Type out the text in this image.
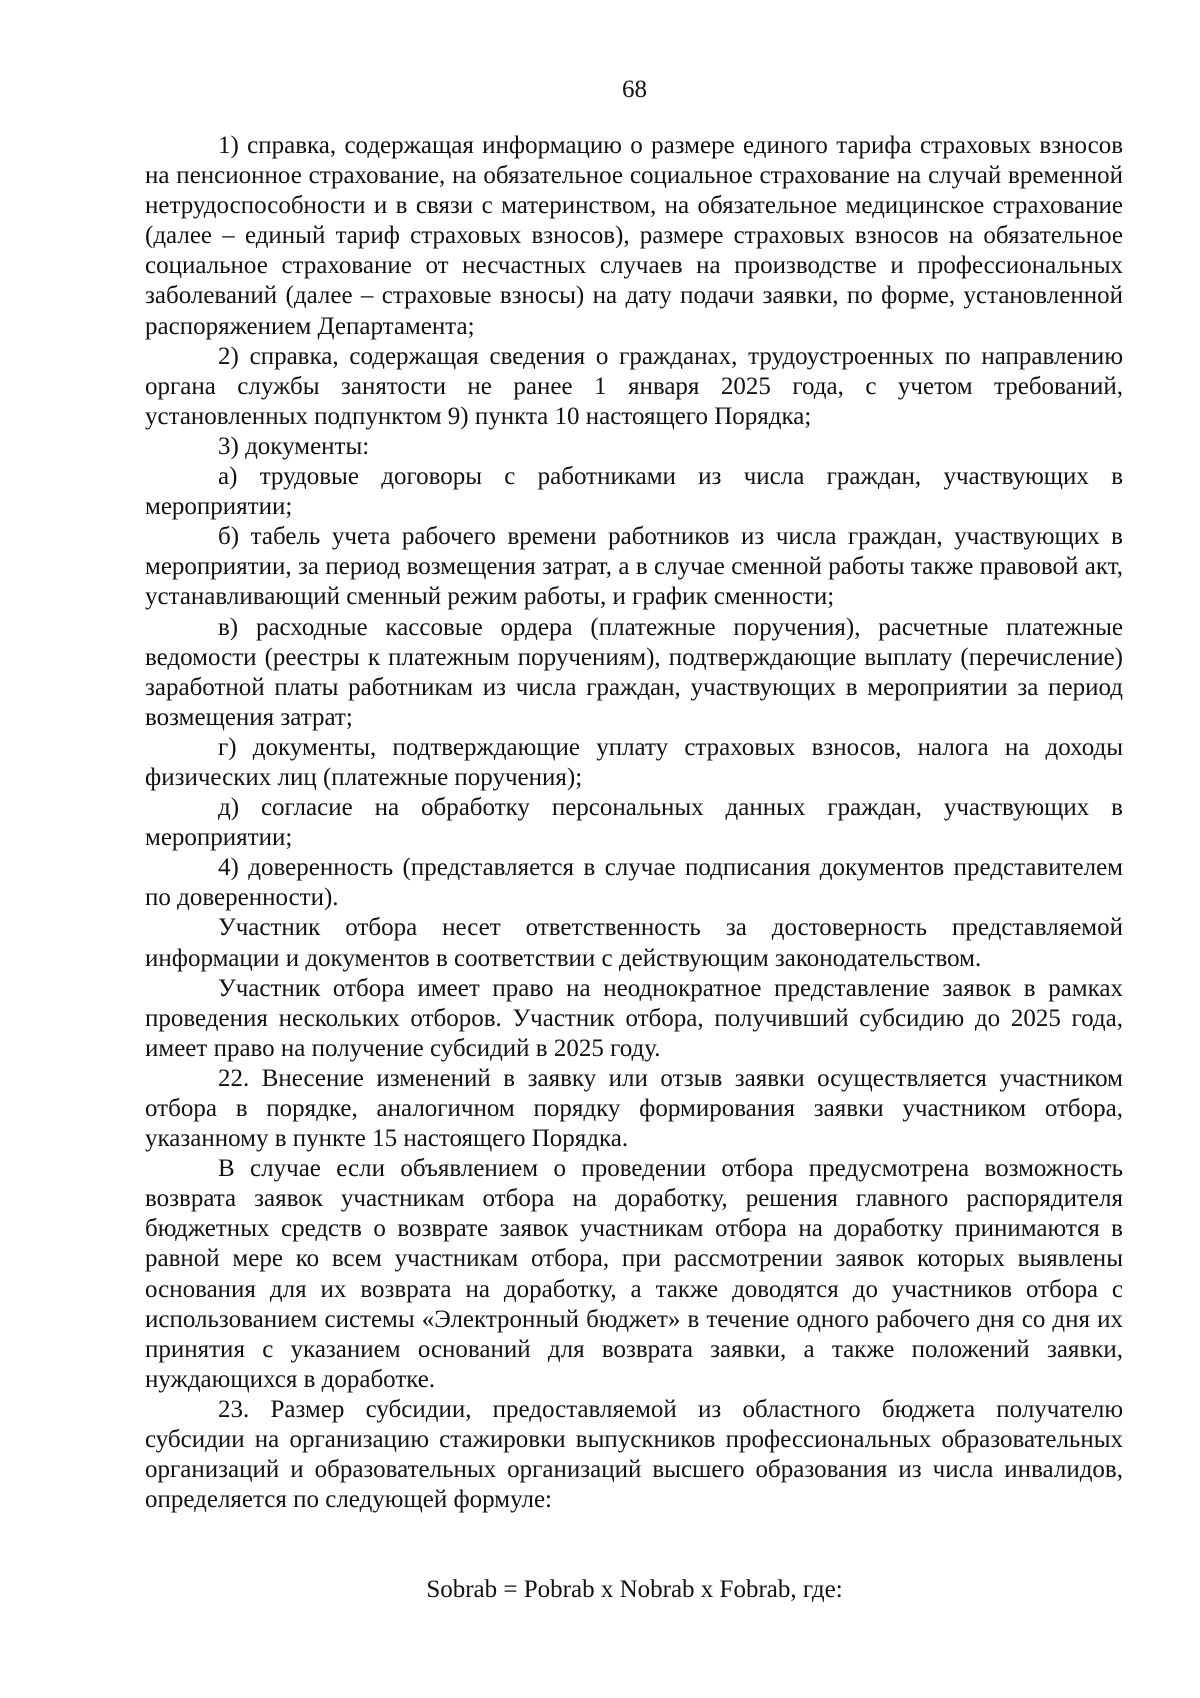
68

1) справка, содержащая информацию о размере единого тарифа страховых взносов на пенсионное страхование, на обязательное социальное страхование на случай временной нетрудоспособности и в связи с материнством, на обязательное медицинское страхование (далее – единый тариф страховых взносов), размере страховых взносов на обязательное социальное страхование от несчастных случаев на производстве и профессиональных заболеваний (далее – страховые взносы) на дату подачи заявки, по форме, установленной распоряжением Департамента;

2) справка, содержащая сведения о гражданах, трудоустроенных по направлению органа службы занятости не ранее 1 января 2025 года, с учетом требований, установленных подпунктом 9) пункта 10 настоящего Порядка;

3) документы:

а) трудовые договоры с работниками из числа граждан, участвующих в мероприятии;

б) табель учета рабочего времени работников из числа граждан, участвующих в мероприятии, за период возмещения затрат, а в случае сменной работы также правовой акт, устанавливающий сменный режим работы, и график сменности;

в) расходные кассовые ордера (платежные поручения), расчетные платежные ведомости (реестры к платежным поручениям), подтверждающие выплату (перечисление) заработной платы работникам из числа граждан, участвующих в мероприятии за период возмещения затрат;

г) документы, подтверждающие уплату страховых взносов, налога на доходы физических лиц (платежные поручения);

д) согласие на обработку персональных данных граждан, участвующих в мероприятии;

4) доверенность (представляется в случае подписания документов представителем по доверенности).

Участник отбора несет ответственность за достоверность представляемой информации и документов в соответствии с действующим законодательством.

Участник отбора имеет право на неоднократное представление заявок в рамках проведения нескольких отборов. Участник отбора, получивший субсидию до 2025 года, имеет право на получение субсидий в 2025 году.

22. Внесение изменений в заявку или отзыв заявки осуществляется участником отбора в порядке, аналогичном порядку формирования заявки участником отбора, указанному в пункте 15 настоящего Порядка.

В случае если объявлением о проведении отбора предусмотрена возможность возврата заявок участникам отбора на доработку, решения главного распорядителя бюджетных средств о возврате заявок участникам отбора на доработку принимаются в равной мере ко всем участникам отбора, при рассмотрении заявок которых выявлены основания для их возврата на доработку, а также доводятся до участников отбора с использованием системы «Электронный бюджет» в течение одного рабочего дня со дня их принятия с указанием оснований для возврата заявки, а также положений заявки, нуждающихся в доработке.

23. Размер субсидии, предоставляемой из областного бюджета получателю субсидии на организацию стажировки выпускников профессиональных образовательных организаций и образовательных организаций высшего образования из числа инвалидов, определяется по следующей формуле:

Sobrab = Pobrab x Nobrab x Fobrab, где:
